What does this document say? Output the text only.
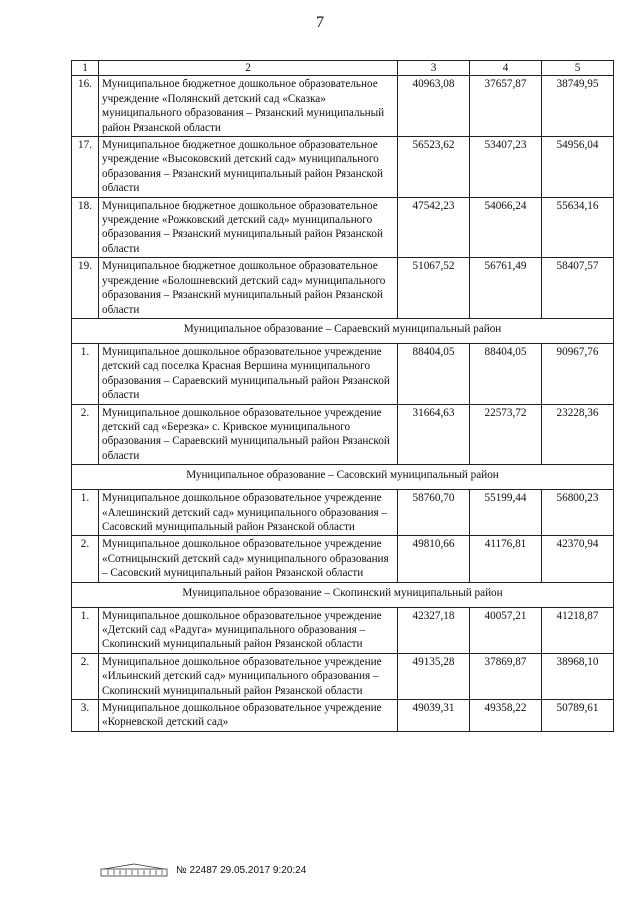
7
1	2	3	4	5
16.	Муниципальное бюджетное дошкольное образовательное учреждение «Полянский детский сад «Сказка» муниципального образования – Рязанский муниципальный район Рязанской области	40963,08	37657,87	38749,95
17.	Муниципальное бюджетное дошкольное образовательное учреждение «Высоковский детский сад» муниципального образования – Рязанский муниципальный район Рязанской области	56523,62	53407,23	54956,04
18.	Муниципальное бюджетное дошкольное образовательное учреждение «Рожковский детский сад» муниципального образования – Рязанский муниципальный район Рязанской области	47542,23	54066,24	55634,16
19.	Муниципальное бюджетное дошкольное образовательное учреждение «Болошневский детский сад» муниципального образования – Рязанский муниципальный район Рязанской области	51067,52	56761,49	58407,57
Муниципальное образование – Сараевский муниципальный район				
1.	Муниципальное дошкольное образовательное учреждение детский сад поселка Красная Вершина муниципального образования – Сараевский муниципальный район Рязанской области	88404,05	88404,05	90967,76
2.	Муниципальное дошкольное образовательное учреждение детский сад «Березка» с. Кривское муниципального образования – Сараевский муниципальный район Рязанской области	31664,63	22573,72	23228,36
Муниципальное образование – Сасовский муниципальный район				
1.	Муниципальное дошкольное образовательное учреждение «Алешинский детский сад» муниципального образования – Сасовский муниципальный район Рязанской области	58760,70	55199,44	56800,23
2.	Муниципальное дошкольное образовательное учреждение «Сотницынский детский сад» муниципального образования – Сасовский муниципальный район Рязанской области	49810,66	41176,81	42370,94
Муниципальное образование – Скопинский муниципальный район				
1.	Муниципальное дошкольное образовательное учреждение «Детский сад «Радуга» муниципального образования – Скопинский муниципальный район Рязанской области	42327,18	40057,21	41218,87
2.	Муниципальное дошкольное образовательное учреждение «Ильинский детский сад» муниципального образования – Скопинский муниципальный район Рязанской области	49135,28	37869,87	38968,10
3.	Муниципальное дошкольное образовательное учреждение «Корневской детский сад»	49039,31	49358,22	50789,61
№ 22487 29.05.2017 9:20:24
